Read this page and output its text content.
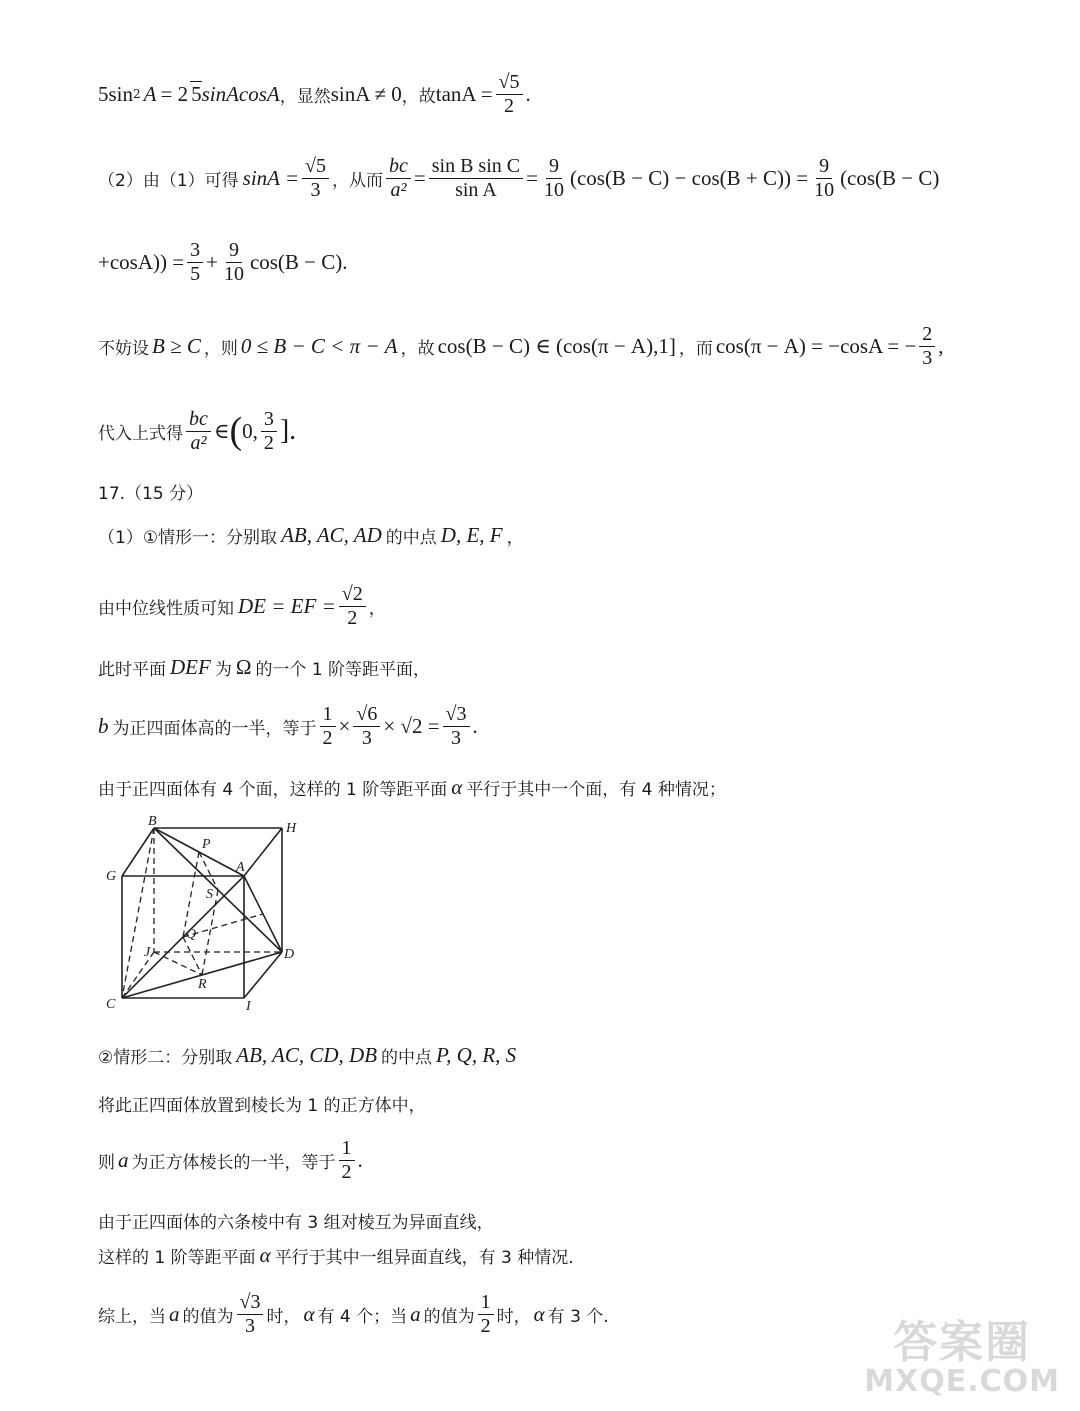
5sin 2 A = 2 5 sinAcosA ，显然 sinA ≠ 0 ，故 $\tan A = \frac{√5}{2}$ .
（2）由（1）可得 $\sin A = \frac{√5}{3}$ ，从而 $\frac{bc}{\text{a²}} = \frac{\text{sin B sin C}}{\text{sin A}} = \frac{9}{10} (\cos(B - C) - \cos(B + C)) = \frac{9}{10} (\cos(B - C)$
$+\cos A)) = \frac{3}{5} + \frac{9}{10} \cos(B - C)$.
不妨设 B ≥ C ，则 0 ≤ B − C < π − A ，故 cos(B − C) ∈ (cos(π − A),1] ，而 cos(π − A) = −cosA = − $\frac{2}{3}$ ,
代入上式得 $\frac{bc}{\text{a²}}$ ∈ ( 0, $\frac{3}{2}$ ].
17.（15 分）
（1）①情形一：分别取 AB, AC, AD 的中点 D, E, F ，
由中位线性质可知 DE = EF = $\frac{√2}{2}$ ，
此时平面 DEF 为 Ω 的一个 1 阶等距平面，
b 为正四面体高的一半，等于 $\frac{1}{2} \times \frac{√6}{3} \times √2 = \frac{√3}{3}$ .
由于正四面体有 4 个面，这样的 1 阶等距平面 α 平行于其中一个面，有 4 种情况；
B
P
H
G
A
S
Q
J	D
C
R
I
②情形二：分别取 AB, AC, CD, DB 的中点 P, Q, R, S
将此正四面体放置到棱长为 1 的正方体中，
则 a 为正方体棱长的一半，等于 $\frac{1}{2}$ .
由于正四面体的六条棱中有 3 组对棱互为异面直线，
这样的 1 阶等距平面 α 平行于其中一组异面直线，有 3 种情况.
综上，当 a 的值为 $\frac{√3}{3}$ 时， α 有 4 个；当 a 的值为 $\frac{1}{2}$ 时， α 有 3 个.
答案圈
MXQE.COM
